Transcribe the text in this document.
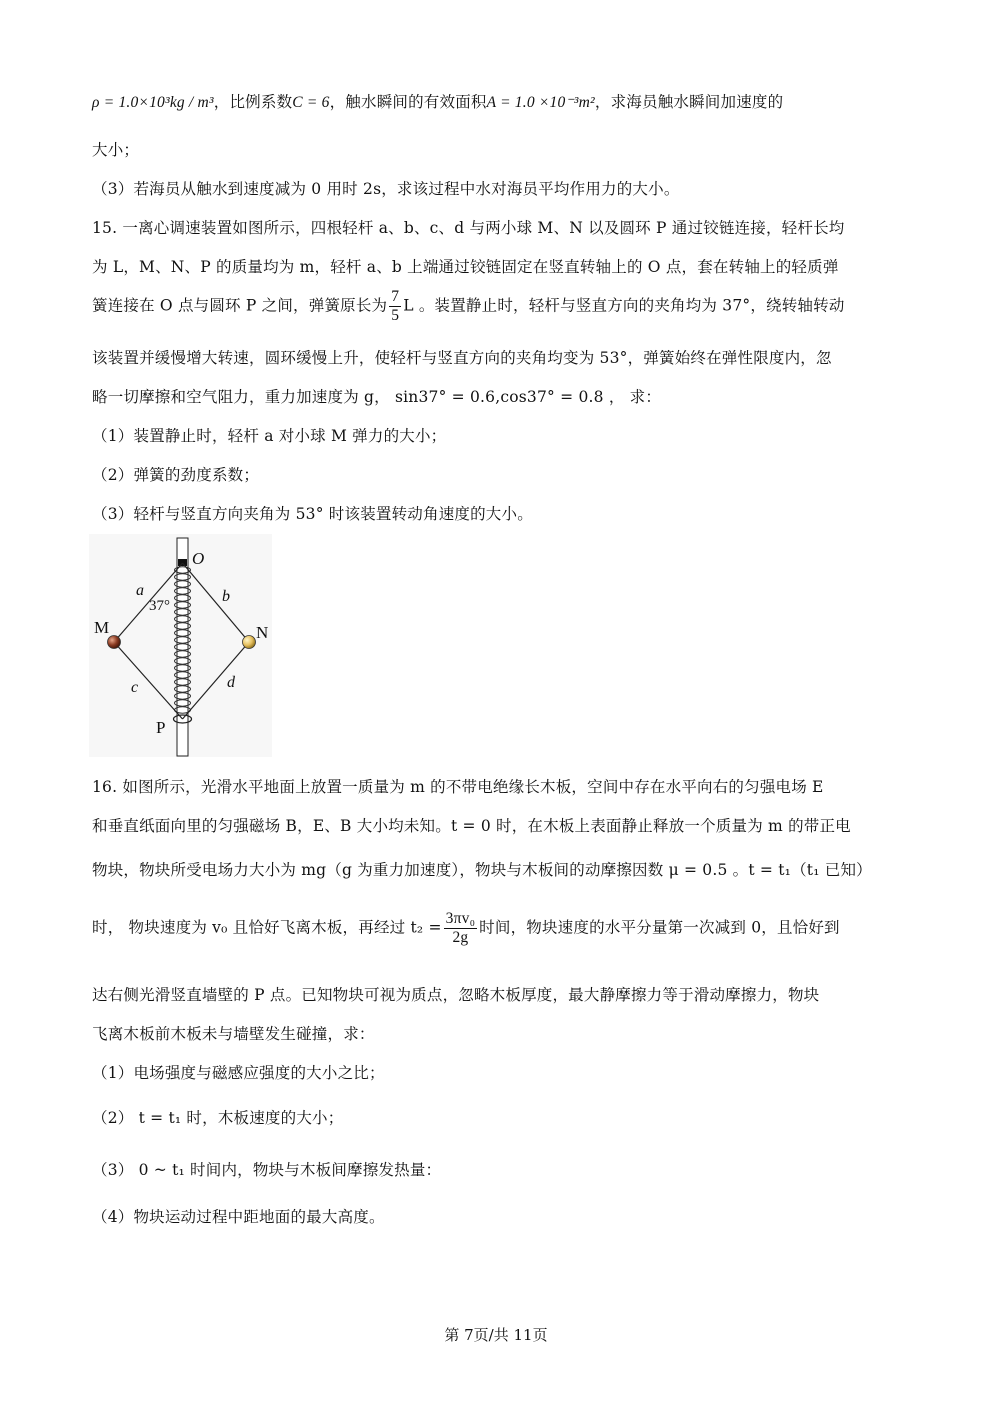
ρ = 1.0×10³kg / m³，比例系数C = 6，触水瞬间的有效面积A = 1.0 ×10⁻³m²，求海员触水瞬间加速度的
大小；
（3）若海员从触水到速度减为 0 用时 2s，求该过程中水对海员平均作用力的大小。
15. 一离心调速装置如图所示，四根轻杆 a、b、c、d 与两小球 M、N 以及圆环 P 通过铰链连接，轻杆长均
为 L，M、N、P 的质量均为 m，轻杆 a、b 上端通过铰链固定在竖直转轴上的 O 点，套在转轴上的轻质弹
簧连接在 O 点与圆环 P 之间，弹簧原长为 $\frac{7}{5}$ L 。装置静止时，轻杆与竖直方向的夹角均为 37°，绕转轴转动
该装置并缓慢增大转速，圆环缓慢上升，使轻杆与竖直方向的夹角均变为 53°，弹簧始终在弹性限度内，忽
略一切摩擦和空气阻力，重力加速度为 g， sin37° = 0.6,cos37° = 0.8 ， 求：
（1）装置静止时，轻杆 a 对小球 M 弹力的大小；
（2）弹簧的劲度系数；
（3）轻杆与竖直方向夹角为 53° 时该装置转动角速度的大小。
O
a	b
37°
M	N
c	d
P
16. 如图所示，光滑水平地面上放置一质量为 m 的不带电绝缘长木板，空间中存在水平向右的匀强电场 E
和垂直纸面向里的匀强磁场 B，E、B 大小均未知。t = 0 时，在木板上表面静止释放一个质量为 m 的带正电
物块，物块所受电场力大小为 mg（g 为重力加速度），物块与木板间的动摩擦因数 μ = 0.5 。t = t₁（t₁ 已知）
时， 物块速度为 v₀ 且恰好飞离木板，再经过 $t_2 = \frac{\text{3πv₀}}{2g}$ 时间，物块速度的水平分量第一次减到 0，且恰好到
达右侧光滑竖直墙壁的 P 点。已知物块可视为质点，忽略木板厚度，最大静摩擦力等于滑动摩擦力，物块
飞离木板前木板未与墙壁发生碰撞，求：
（1）电场强度与磁感应强度的大小之比；
（2） t = t₁ 时，木板速度的大小；
（3） 0 ~ t₁ 时间内，物块与木板间摩擦发热量：
（4）物块运动过程中距地面的最大高度。
第 7页/共 11页
